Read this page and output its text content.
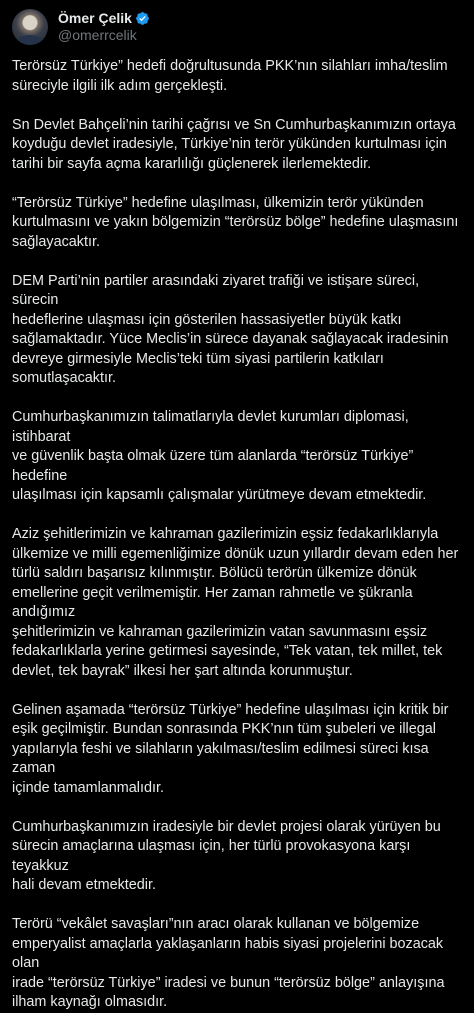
Ömer Çelik
@omerrcelik

Terörsüz Türkiye” hedefi doğrultusunda PKK’nın silahları imha/teslim
süreciyle ilgili ilk adım gerçekleşti.

Sn Devlet Bahçeli’nin tarihi çağrısı ve Sn Cumhurbaşkanımızın ortaya
koyduğu devlet iradesiyle, Türkiye’nin terör yükünden kurtulması için
tarihi bir sayfa açma kararlılığı güçlenerek ilerlemektedir.

“Terörsüz Türkiye” hedefine ulaşılması, ülkemizin terör yükünden
kurtulmasını ve yakın bölgemizin “terörsüz bölge” hedefine ulaşmasını
sağlayacaktır.

DEM Parti’nin partiler arasındaki ziyaret trafiği ve istişare süreci, sürecin
hedeflerine ulaşması için gösterilen hassasiyetler büyük katkı
sağlamaktadır. Yüce Meclis’in sürece dayanak sağlayacak iradesinin
devreye girmesiyle Meclis’teki tüm siyasi partilerin katkıları
somutlaşacaktır.

Cumhurbaşkanımızın talimatlarıyla devlet kurumları diplomasi, istihbarat
ve güvenlik başta olmak üzere tüm alanlarda “terörsüz Türkiye” hedefine
ulaşılması için kapsamlı çalışmalar yürütmeye devam etmektedir.

Aziz şehitlerimizin ve kahraman gazilerimizin eşsiz fedakarlıklarıyla
ülkemize ve milli egemenliğimize dönük uzun yıllardır devam eden her
türlü saldırı başarısız kılınmıştır. Bölücü terörün ülkemize dönük
emellerine geçit verilmemiştir. Her zaman rahmetle ve şükranla andığımız
şehitlerimizin ve kahraman gazilerimizin vatan savunmasını eşsiz
fedakarlıklarla yerine getirmesi sayesinde, “Tek vatan, tek millet, tek
devlet, tek bayrak” ilkesi her şart altında korunmuştur.

Gelinen aşamada “terörsüz Türkiye” hedefine ulaşılması için kritik bir
eşik geçilmiştir. Bundan sonrasında PKK’nın tüm şubeleri ve illegal
yapılarıyla feshi ve silahların yakılması/teslim edilmesi süreci kısa zaman
içinde tamamlanmalıdır.

Cumhurbaşkanımızın iradesiyle bir devlet projesi olarak yürüyen bu
sürecin amaçlarına ulaşması için, her türlü provokasyona karşı teyakkuz
hali devam etmektedir.

Terörü “vekâlet savaşları”nın aracı olarak kullanan ve bölgemize
emperyalist amaçlarla yaklaşanların habis siyasi projelerini bozacak olan
irade “terörsüz Türkiye” iradesi ve bunun “terörsüz bölge” anlayışına
ilham kaynağı olmasıdır.
